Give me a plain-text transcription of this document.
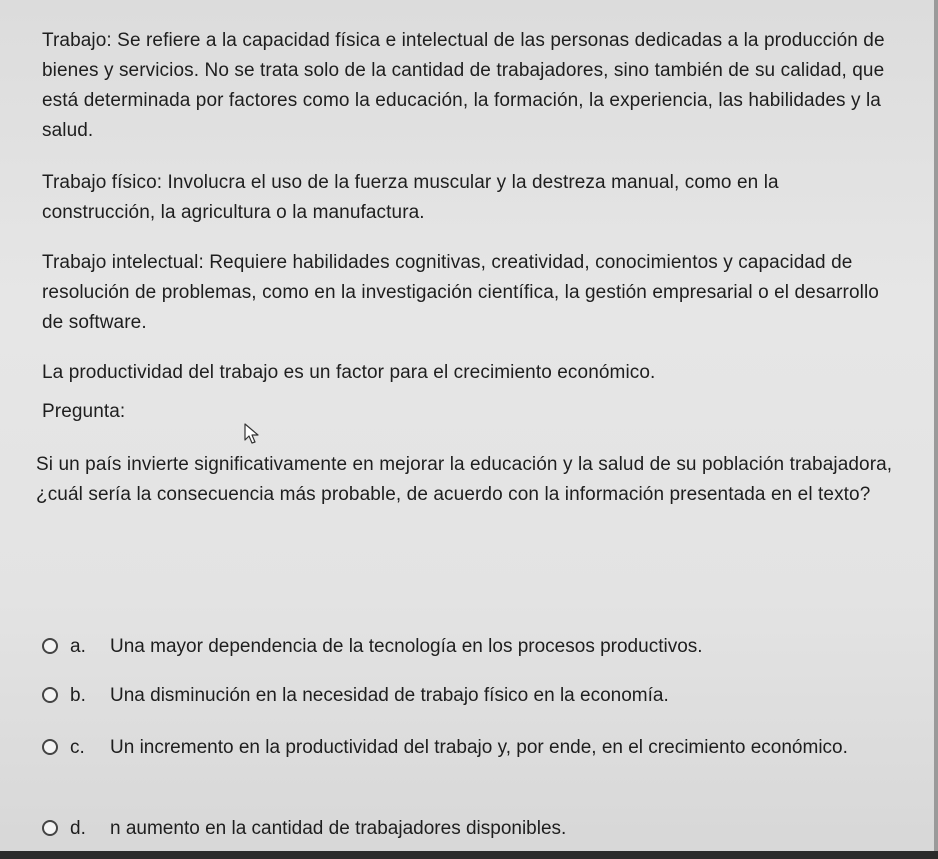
Trabajo: Se refiere a la capacidad física e intelectual de las personas dedicadas a la producción de bienes y servicios. No se trata solo de la cantidad de trabajadores, sino también de su calidad, que está determinada por factores como la educación, la formación, la experiencia, las habilidades y la salud.

Trabajo físico: Involucra el uso de la fuerza muscular y la destreza manual, como en la construcción, la agricultura o la manufactura.

Trabajo intelectual: Requiere habilidades cognitivas, creatividad, conocimientos y capacidad de resolución de problemas, como en la investigación científica, la gestión empresarial o el desarrollo de software.

La productividad del trabajo es un factor para el crecimiento económico.

Pregunta:

Si un país invierte significativamente en mejorar la educación y la salud de su población trabajadora, ¿cuál sería la consecuencia más probable, de acuerdo con la información presentada en el texto?

a.	Una mayor dependencia de la tecnología en los procesos productivos.
b.	Una disminución en la necesidad de trabajo físico en la economía.
c.	Un incremento en la productividad del trabajo y, por ende, en el crecimiento económico.
d.	n aumento en la cantidad de trabajadores disponibles.
